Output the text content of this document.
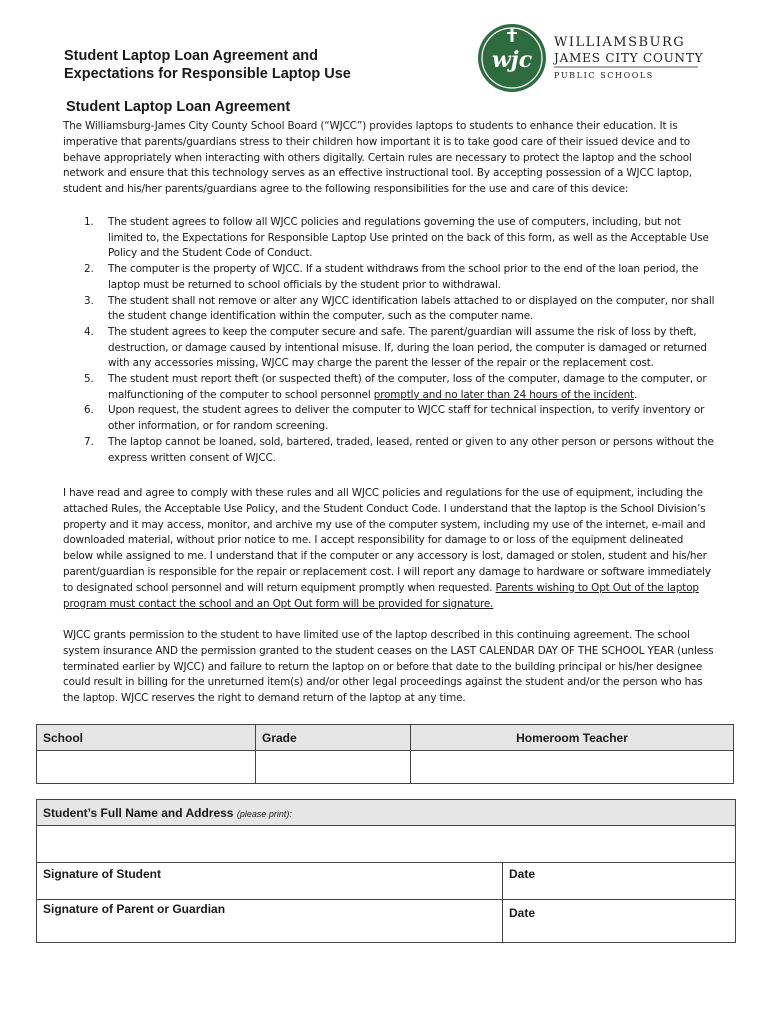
Student Laptop Loan Agreement and
Expectations for Responsible Laptop Use
wjc
WILLIAMSBURG
JAMES CITY COUNTY
PUBLIC SCHOOLS
Student Laptop Loan Agreement

The Williamsburg-James City County School Board (“WJCC”) provides laptops to students to enhance their education. It is imperative that parents/guardians stress to their children how important it is to take good care of their issued device and to behave appropriately when interacting with others digitally. Certain rules are necessary to protect the laptop and the school network and ensure that this technology serves as an effective instructional tool. By accepting possession of a WJCC laptop, student and his/her parents/guardians agree to the following responsibilities for the use and care of this device:

1. The student agrees to follow all WJCC policies and regulations governing the use of computers, including, but not limited to, the Expectations for Responsible Laptop Use printed on the back of this form, as well as the Acceptable Use Policy and the Student Code of Conduct.
2. The computer is the property of WJCC. If a student withdraws from the school prior to the end of the loan period, the laptop must be returned to school officials by the student prior to withdrawal.
3. The student shall not remove or alter any WJCC identification labels attached to or displayed on the computer, nor shall the student change identification within the computer, such as the computer name.
4. The student agrees to keep the computer secure and safe. The parent/guardian will assume the risk of loss by theft, destruction, or damage caused by intentional misuse. If, during the loan period, the computer is damaged or returned with any accessories missing, WJCC may charge the parent the lesser of the repair or the replacement cost.
5. The student must report theft (or suspected theft) of the computer, loss of the computer, damage to the computer, or malfunctioning of the computer to school personnel promptly and no later than 24 hours of the incident.
6. Upon request, the student agrees to deliver the computer to WJCC staff for technical inspection, to verify inventory or other information, or for random screening.
7. The laptop cannot be loaned, sold, bartered, traded, leased, rented or given to any other person or persons without the express written consent of WJCC.

I have read and agree to comply with these rules and all WJCC policies and regulations for the use of equipment, including the attached Rules, the Acceptable Use Policy, and the Student Conduct Code. I understand that the laptop is the School Division’s property and it may access, monitor, and archive my use of the computer system, including my use of the internet, e-mail and downloaded material, without prior notice to me. I accept responsibility for damage to or loss of the equipment delineated below while assigned to me. I understand that if the computer or any accessory is lost, damaged or stolen, student and his/her parent/guardian is responsible for the repair or replacement cost. I will report any damage to hardware or software immediately to designated school personnel and will return equipment promptly when requested. Parents wishing to Opt Out of the laptop program must contact the school and an Opt Out form will be provided for signature.

WJCC grants permission to the student to have limited use of the laptop described in this continuing agreement. The school system insurance AND the permission granted to the student ceases on the LAST CALENDAR DAY OF THE SCHOOL YEAR (unless terminated earlier by WJCC) and failure to return the laptop on or before that date to the building principal or his/her designee could result in billing for the unreturned item(s) and/or other legal proceedings against the student and/or the person who has the laptop. WJCC reserves the right to demand return of the laptop at any time.

School	Grade	Homeroom Teacher

Student’s Full Name and Address (please print):
Signature of Student	Date
Signature of Parent or Guardian	Date
